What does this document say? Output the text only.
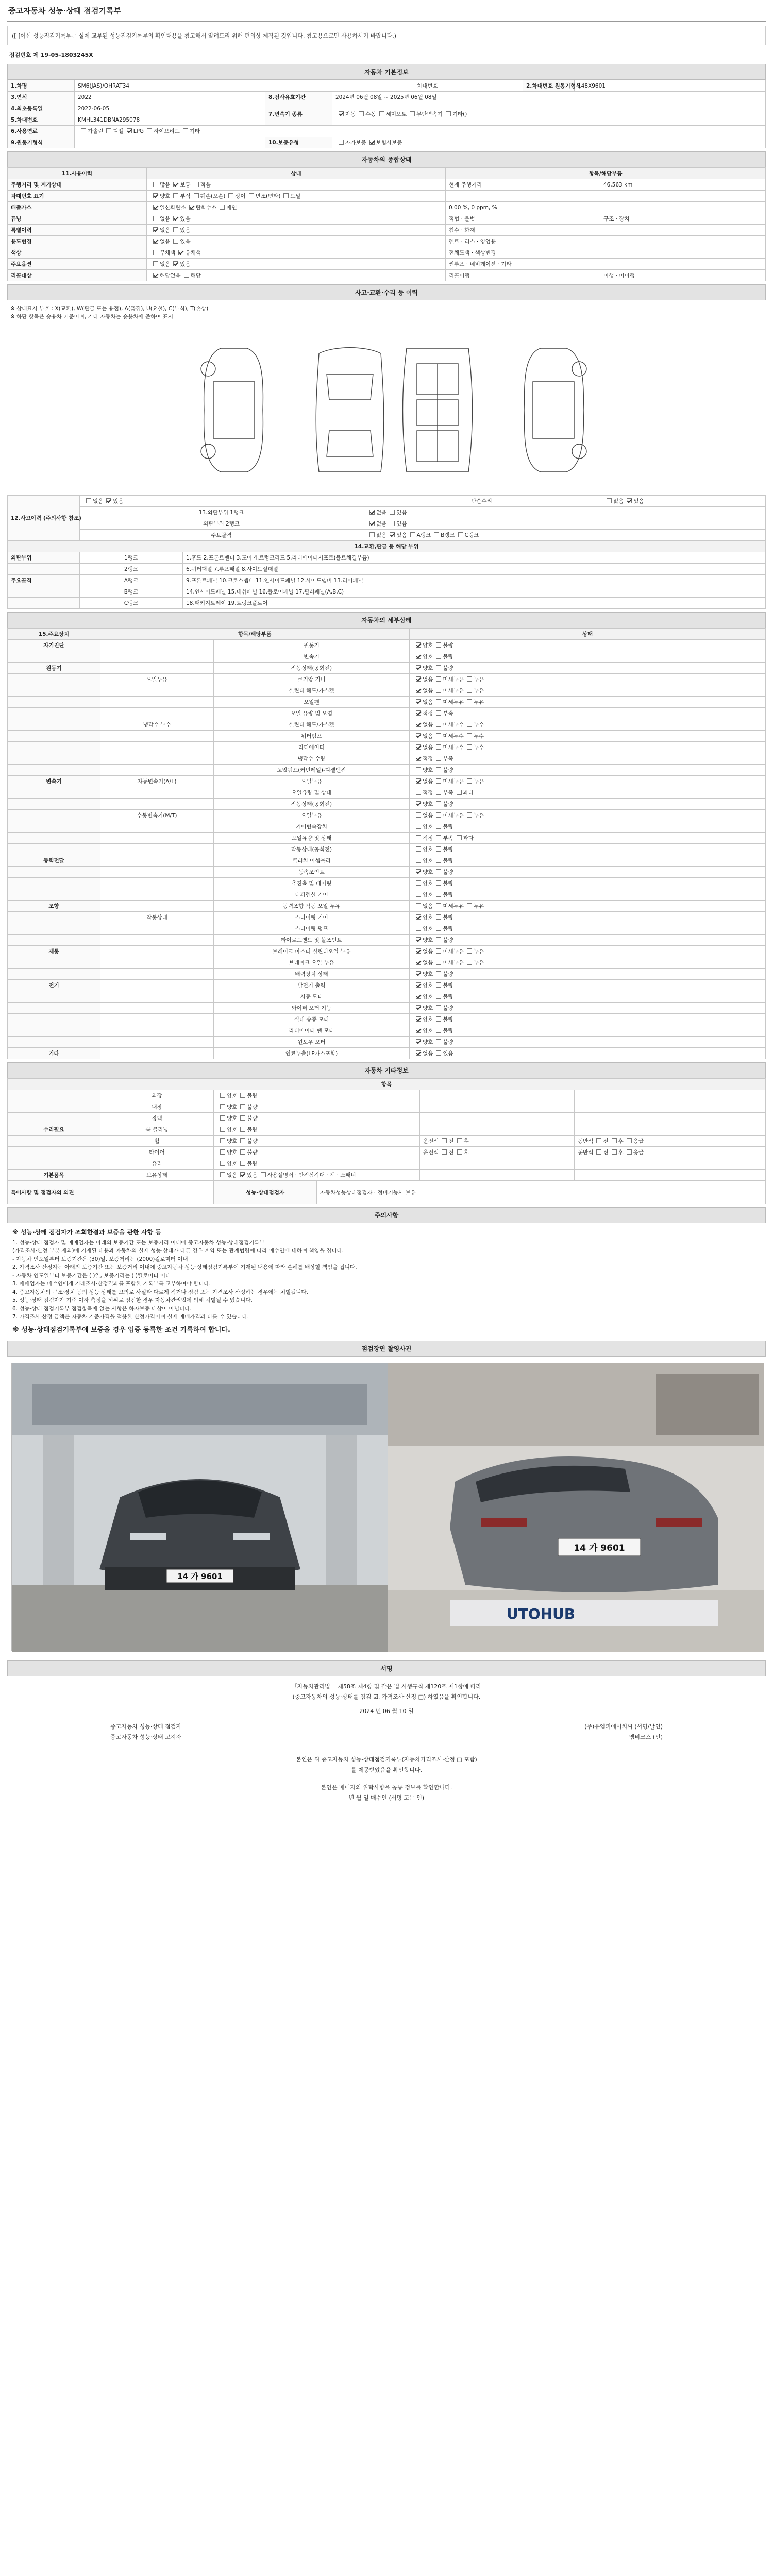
중고자동차 성능·상태 점검기록부
([ ]이선 성능점검기록부는 실제 교부된 성능점검기록부의 확인대용을 참고해서 알려드리 위해 편의상 제작된 것입니다. 참고용으로만 사용하시기 바랍니다.)
점검번호 제 19-05-1803245X
자동차 기본정보
1.차명	SM6(JAS)/OHRAT34		차대번호	2.차대번호 원동기형식	148X9601
3.연식	2022	8.검사유효기간	2024년 06월 08일 ~ 2025년 06월 08일		
4.최초등록일	2022-06-05	7.변속기 종류	자동 수동 세미오토 무단변속기 기타()		
5.차대번호	KMHL341DBNA295078				
6.사용연료	가솔린 디젤 LPG 하이브리드 기타				
9.원동기형식		10.보증유형	자가보증 보험사보증		
자동차의 종합상태
11.사용이력	상태	항목/해당부품	
주행거리 및 계기상태	많음 보통 적음	현재 주행거리	46,563 km
차대번호 표기	양호 부식 훼손(오손) 상이 변조(변타) 도말		
배출가스	일산화탄소 탄화수소 매연	0.00 %, 0 ppm, %	
튜닝	없음 있음	적법 · 불법	구조 · 장치
특별이력	없음 있음	침수 · 화재	
용도변경	없음 있음	렌트 · 리스 · 영업용	
색상	무채색 유채색	전체도색 · 색상변경	
주요옵션	없음 있음	썬루프 · 네비게이션 · 기타	
리콜대상	해당없음 해당	리콜이행	이행 · 미이행
사고·교환·수리 등 이력
※ 상태표시 부호 : X(교환), W(판금 또는 용접), A(흠집), U(요철), C(부식), T(손상)
※ 하단 항목은 승용차 기준이며, 기타 자동차는 승용차에 준하여 표시
12.사고이력 (주의사항 참조)	없음 있음		단순수리	없음 있음
	13.외판부위 1랭크		없음 있음	
	외판부위 2랭크		없음 있음	
	주요골격		없음 있음 A랭크 B랭크 C랭크	
14.교환,판금 등 해당 부위				
외판부위	1랭크	1.후드 2.프론트펜더 3.도어 4.트렁크리드 5.라디에이터서포트(볼트체결부품)		
	2랭크	6.쿼터패널 7.루프패널 8.사이드실패널		
주요골격	A랭크	9.프론트패널 10.크로스멤버 11.인사이드패널 12.사이드멤버 13.리어패널		
	B랭크	14.인사이드패널 15.대쉬패널 16.플로어패널 17.필러패널(A,B,C)		
	C랭크	18.패키지트레이 19.트렁크플로어		
자동차의 세부상태
15.주요장치	항목/해당부품		상태
자기진단		원동기	양호 불량
		변속기	양호 불량
원동기		작동상태(공회전)	양호 불량
	오일누유	로커암 커버	없음 미세누유 누유
		실린더 헤드/가스켓	없음 미세누유 누유
		오일팬	없음 미세누유 누유
		오일 유량 및 오염	적정 부족
	냉각수 누수	실린더 헤드/가스켓	없음 미세누수 누수
		워터펌프	없음 미세누수 누수
		라디에이터	없음 미세누수 누수
		냉각수 수량	적정 부족
		고압펌프(커먼레일)-디젤엔진	양호 불량
변속기	자동변속기(A/T)	오일누유	없음 미세누유 누유
		오일유량 및 상태	적정 부족 과다
		작동상태(공회전)	양호 불량
	수동변속기(M/T)	오일누유	없음 미세누유 누유
		기어변속장치	양호 불량
		오일유량 및 상태	적정 부족 과다
		작동상태(공회전)	양호 불량
동력전달		클러치 어셈블리	양호 불량
		등속조인트	양호 불량
		추진축 및 베어링	양호 불량
		디퍼렌셜 기어	양호 불량
조향		동력조향 작동 오일 누유	없음 미세누유 누유
	작동상태	스티어링 기어	양호 불량
		스티어링 펌프	양호 불량
		타이로드엔드 및 볼조인트	양호 불량
제동		브레이크 마스터 실린더오일 누유	없음 미세누유 누유
		브레이크 오일 누유	없음 미세누유 누유
		배력장치 상태	양호 불량
전기		발전기 출력	양호 불량
		시동 모터	양호 불량
		와이퍼 모터 기능	양호 불량
		실내 송풍 모터	양호 불량
		라디에이터 팬 모터	양호 불량
		윈도우 모터	양호 불량
기타		연료누출(LP가스포함)	없음 있음
자동차 기타정보
항목				
	외장	양호 불량		
	내장	양호 불량		
	광택	양호 불량		
수리필요	룸 클리닝	양호 불량		
	휠	양호 불량	운전석 전 후	동반석 전 후 응급
	타이어	양호 불량	운전석 전 후	동반석 전 후 응급
	유리	양호 불량		
기본품목	보유상태	없음 있음 사용설명서 · 안전삼각대 · 잭 · 스패너		
특이사항 및 점검자의 의견		성능·상태점검자	자동차성능상태점검자 · 정비기능사 보유
주의사항
※ 성능·상태 점검자가 조회한결과 보증을 관한 사항 등
1. 성능·상태 점검자 및 매매업자는 아래의 보증기간 또는 보증거리 이내에 중고자동차 성능·상태점검기록부
(가격조사·산정 부분 제외)에 기재된 내용과 자동차의 실제 성능·상태가 다른 경우 계약 또는 관계법령에 따라 매수인에 대하여 책임을 집니다.
- 자동차 인도일부터 보증기간은 (30)일, 보증거리는 (2000)킬로미터 이내
2. 가격조사·산정자는 아래의 보증기간 또는 보증거리 이내에 중고자동차 성능·상태점검기록부에 기재된 내용에 따라 손해를 배상할 책임을 집니다.
- 자동차 인도일부터 보증기간은 ( )일, 보증거리는 ( )킬로미터 이내
3. 매매업자는 매수인에게 거래조사·산정결과를 포함한 기록부를 교부하여야 합니다.
4. 중고자동차의 구조·장치 등의 성능·상태를 고의로 사실과 다르게 적거나 점검 또는 가격조사·산정하는 경우에는 처벌됩니다.
5. 성능·상태 점검자가 기준 이하 측정을 허위로 점검한 경우 자동차관리법에 의해 처벌될 수 있습니다.
6. 성능·상태 점검기록부 점검항목에 없는 사항은 하자보증 대상이 아닙니다.
7. 가격조사·산정 금액은 자동차 기준가격을 적용한 산정가격이며 실제 매매가격과 다를 수 있습니다.
※ 성능·상태점검기록부에 보증을 경우 입증 등록한 조건 기록하여 합니다.
점검장면 촬영사진
14 가 9601
UTOHUB
14 가 9601
서명
「자동차관리법」 제58조 제4항 및 같은 법 시행규칙 제120조 제1항에 따라
(중고자동차의 성능·상태를 점검 ☑, 가격조사·산정 □) 하였음을 확인합니다.
2024 년 06 월 10 일
중고자동차 성능·상태 점검자	(주)유엠피에이치씨 (서명/날인)
중고자동차 성능·상태 고지자	엠비크스 (인)
본인은 위 중고자동차 성능·상태점검기록부(자동차가격조사·산정 □ 포함)
를 제공받았음을 확인합니다.
본인은 매매자의 위탁사항을 공통 정보를 확인합니다.
년 월 일 매수인 (서명 또는 인)
